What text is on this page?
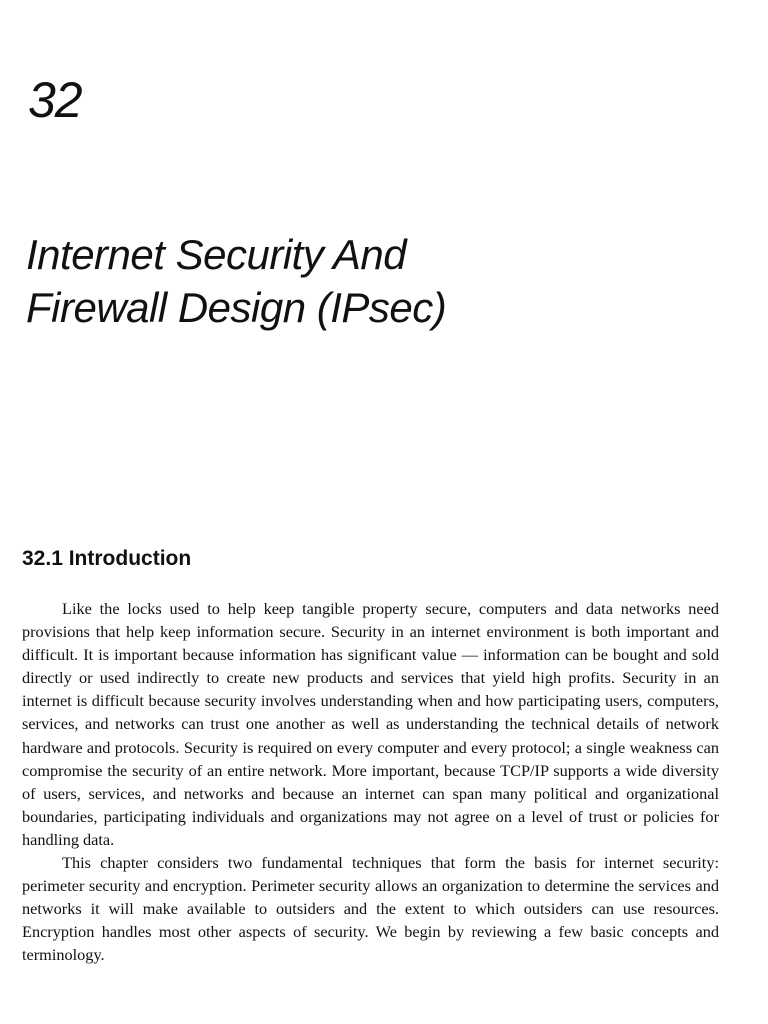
32
Internet Security And
Firewall Design (IPsec)
32.1 Introduction

Like the locks used to help keep tangible property secure, computers and data networks need provisions that help keep information secure. Security in an internet environment is both important and difficult. It is important because information has significant value — information can be bought and sold directly or used indirectly to create new products and services that yield high profits. Security in an internet is difficult because security involves understanding when and how participating users, computers, services, and networks can trust one another as well as understanding the technical details of network hardware and protocols. Security is required on every computer and every protocol; a single weakness can compromise the security of an entire network. More important, because TCP/IP supports a wide diversity of users, services, and networks and because an internet can span many political and organizational boundaries, participating individuals and organizations may not agree on a level of trust or policies for handling data.

This chapter considers two fundamental techniques that form the basis for internet security: perimeter security and encryption. Perimeter security allows an organization to determine the services and networks it will make available to outsiders and the extent to which outsiders can use resources. Encryption handles most other aspects of security. We begin by reviewing a few basic concepts and terminology.
